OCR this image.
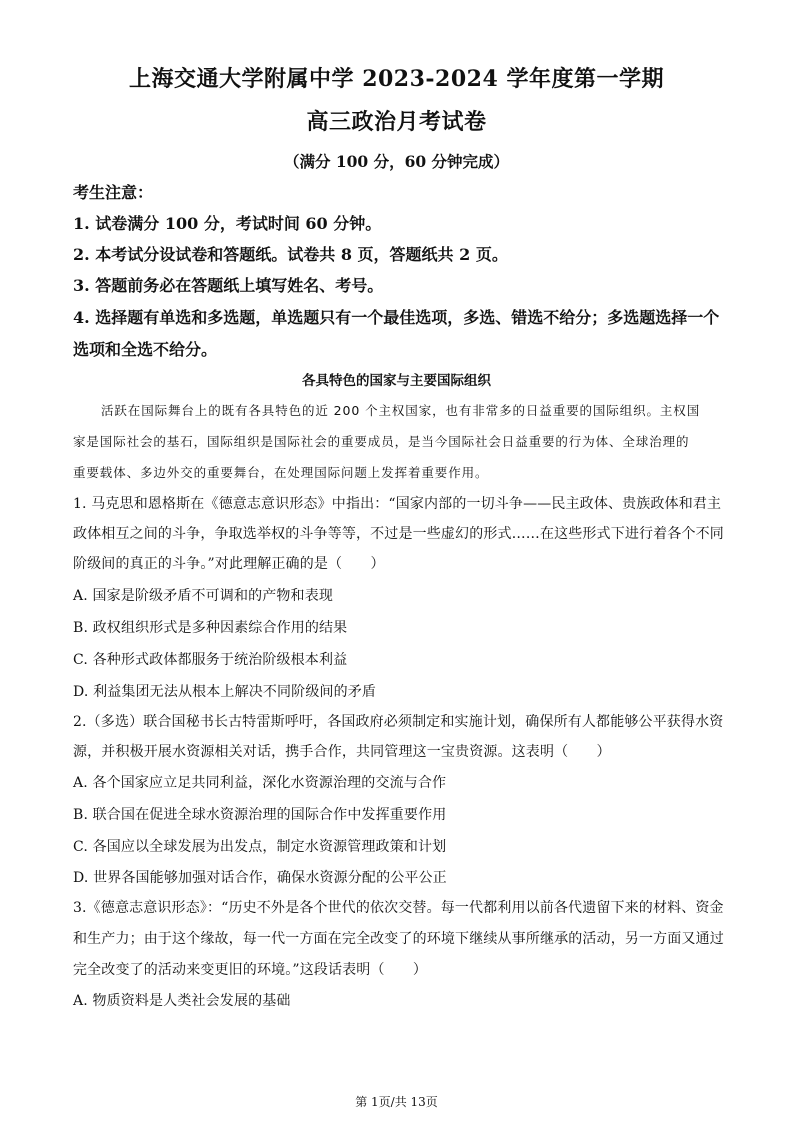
上海交通大学附属中学 2023-2024 学年度第一学期
高三政治月考试卷
（满分 100 分，60 分钟完成）
考生注意：
1. 试卷满分 100 分，考试时间 60 分钟。
2. 本考试分设试卷和答题纸。试卷共 8 页，答题纸共 2 页。
3. 答题前务必在答题纸上填写姓名、考号。
4. 选择题有单选和多选题，单选题只有一个最佳选项，多选、错选不给分；多选题选择一个
选项和全选不给分。
各具特色的国家与主要国际组织
活跃在国际舞台上的既有各具特色的近 200 个主权国家，也有非常多的日益重要的国际组织。主权国
家是国际社会的基石，国际组织是国际社会的重要成员，是当今国际社会日益重要的行为体、全球治理的
重要载体、多边外交的重要舞台，在处理国际问题上发挥着重要作用。
1. 马克思和恩格斯在《德意志意识形态》中指出：“国家内部的一切斗争——民主政体、贵族政体和君主
政体相互之间的斗争，争取选举权的斗争等等，不过是一些虚幻的形式……在这些形式下进行着各个不同
阶级间的真正的斗争。”对此理解正确的是（　　）
A. 国家是阶级矛盾不可调和的产物和表现
B. 政权组织形式是多种因素综合作用的结果
C. 各种形式政体都服务于统治阶级根本利益
D. 利益集团无法从根本上解决不同阶级间的矛盾
2.（多选）联合国秘书长古特雷斯呼吁，各国政府必须制定和实施计划，确保所有人都能够公平获得水资
源，并积极开展水资源相关对话，携手合作，共同管理这一宝贵资源。这表明（　　）
A. 各个国家应立足共同利益，深化水资源治理的交流与合作
B. 联合国在促进全球水资源治理的国际合作中发挥重要作用
C. 各国应以全球发展为出发点，制定水资源管理政策和计划
D. 世界各国能够加强对话合作，确保水资源分配的公平公正
3.《德意志意识形态》：“历史不外是各个世代的依次交替。每一代都利用以前各代遗留下来的材料、资金
和生产力；由于这个缘故，每一代一方面在完全改变了的环境下继续从事所继承的活动，另一方面又通过
完全改变了的活动来变更旧的环境。”这段话表明（　　）
A. 物质资料是人类社会发展的基础
第 1页/共 13页
